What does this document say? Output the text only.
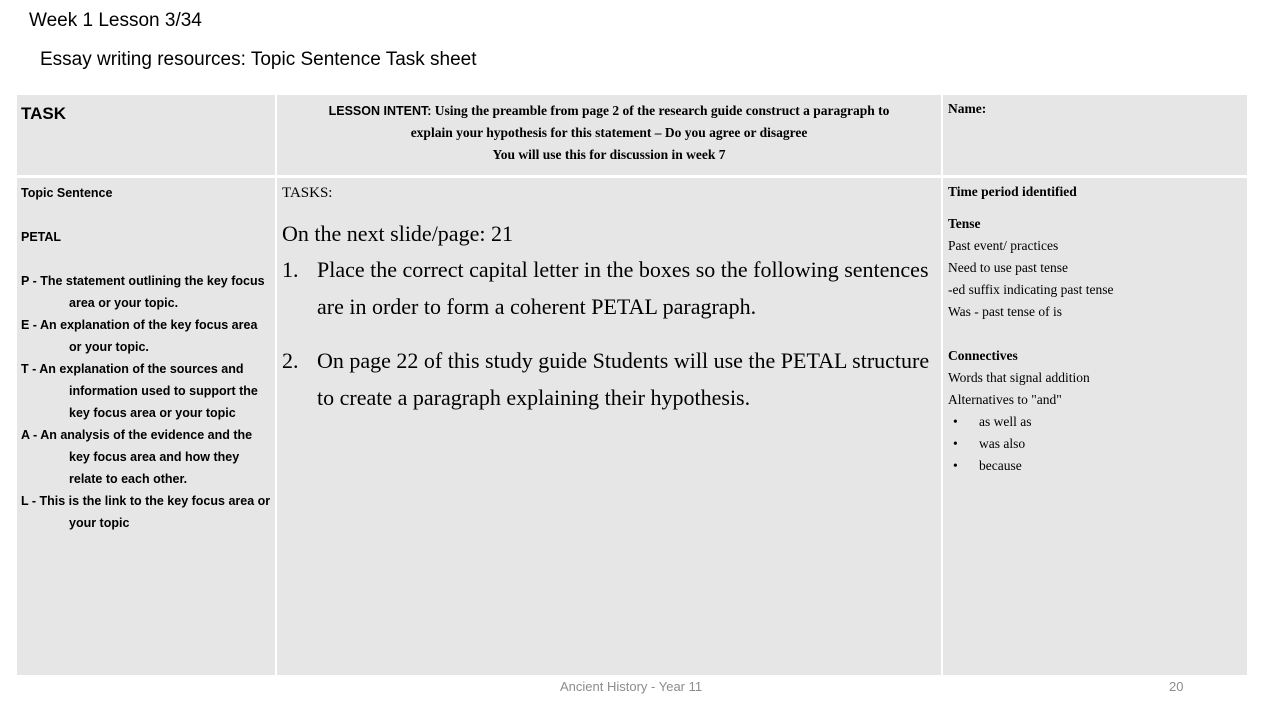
Week 1 Lesson 3/34
Essay writing resources: Topic Sentence Task sheet
TASK	LESSON INTENT: Using the preamble from page 2 of the research guide construct a paragraph to
explain your hypothesis for this statement – Do you agree or disagree
You will use this for discussion in week 7
Name:
Topic Sentence
PETAL
P - The statement outlining the key focus area or your topic.
E - An explanation of the key focus area or your topic.
T - An explanation of the sources and information used to support the key focus area or your topic
A - An analysis of the evidence and the key focus area and how they relate to each other.
L - This is the link to the key focus area or your topic
TASKS:
On the next slide/page: 21
1. Place the correct capital letter in the boxes so the following sentences are in order to form a coherent PETAL paragraph.
2. On page 22 of this study guide Students will use the PETAL structure to create a paragraph explaining their hypothesis.
Time period identified
Tense
Past event/ practices
Need to use past tense
-ed suffix indicating past tense
Was - past tense of is
Connectives
Words that signal addition
Alternatives to "and"
• as well as
• was also
• because
Ancient History - Year 11	20
